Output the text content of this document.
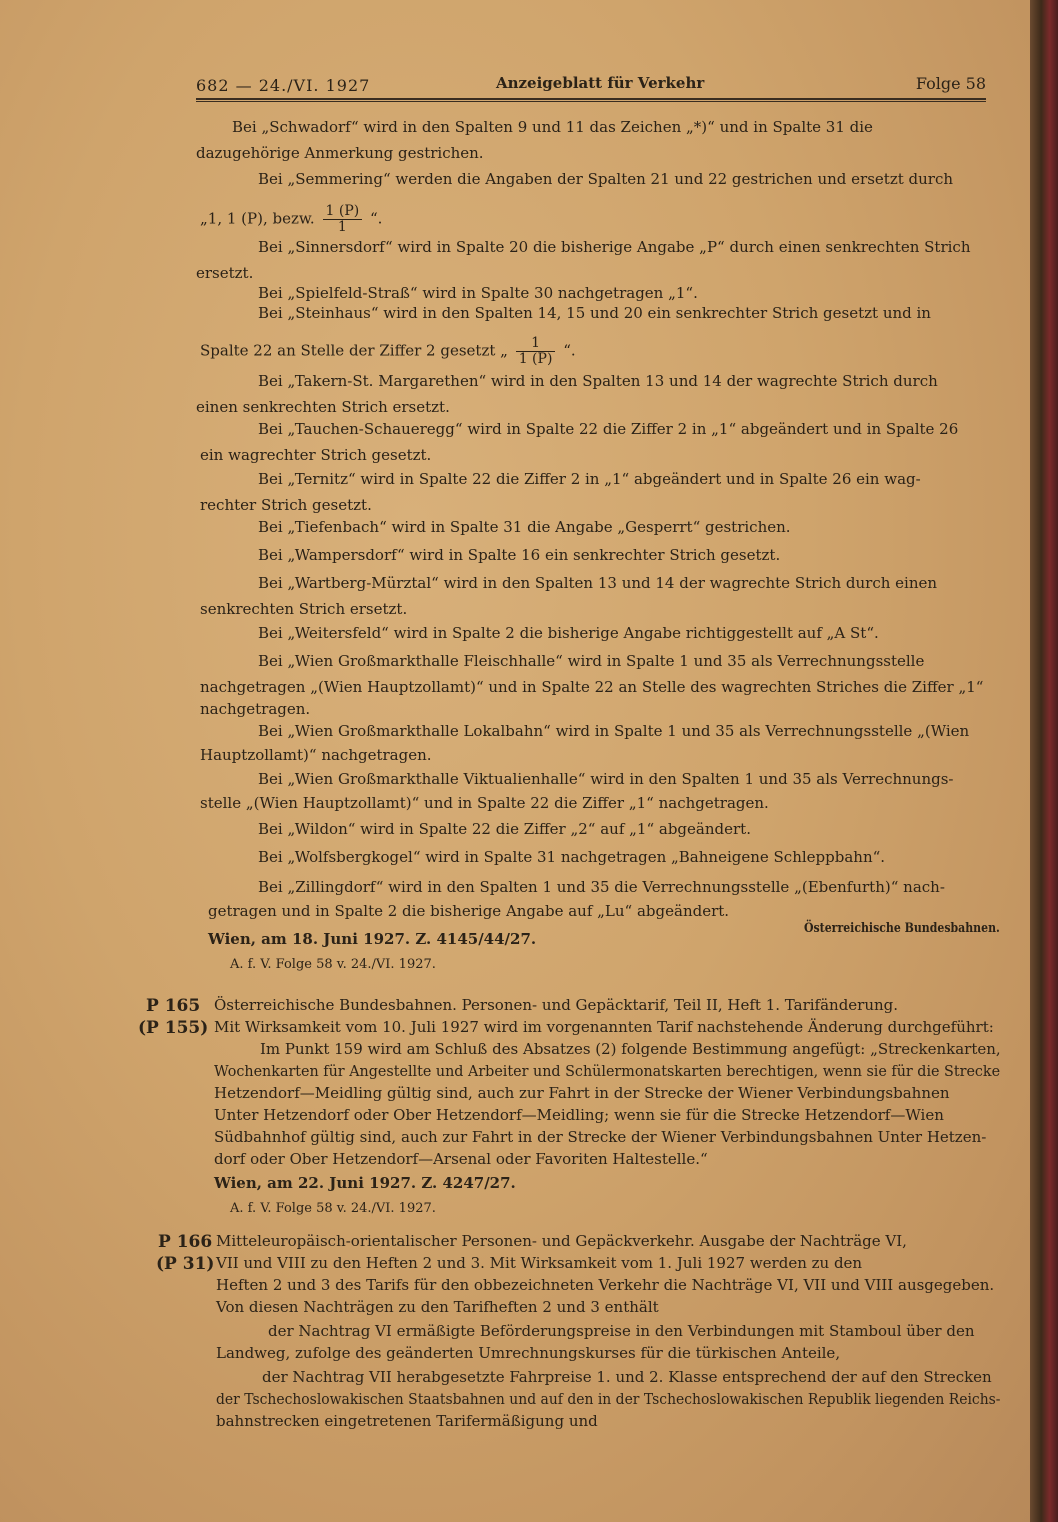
682 — 24./VI. 1927	Anzeigeblatt für Verkehr	Folge 58
Bei „Schwadorf“ wird in den Spalten 9 und 11 das Zeichen „*)“ und in Spalte 31 die
dazugehörige Anmerkung gestrichen.
Bei „Semmering“ werden die Angaben der Spalten 21 und 22 gestrichen und ersetzt durch
„1, 1 (P), bezw. $\frac{1 (P)}{1}$ “.
Bei „Sinnersdorf“ wird in Spalte 20 die bisherige Angabe „P“ durch einen senkrechten Strich
ersetzt.
Bei „Spielfeld-Straß“ wird in Spalte 30 nachgetragen „1“.
Bei „Steinhaus“ wird in den Spalten 14, 15 und 20 ein senkrechter Strich gesetzt und in
Spalte 22 an Stelle der Ziffer 2 gesetzt „ $\frac{1}{1 (P)}$ “.
Bei „Takern-St. Margarethen“ wird in den Spalten 13 und 14 der wagrechte Strich durch
einen senkrechten Strich ersetzt.
Bei „Tauchen-Schaueregg“ wird in Spalte 22 die Ziffer 2 in „1“ abgeändert und in Spalte 26
ein wagrechter Strich gesetzt.
Bei „Ternitz“ wird in Spalte 22 die Ziffer 2 in „1“ abgeändert und in Spalte 26 ein wag-
rechter Strich gesetzt.
Bei „Tiefenbach“ wird in Spalte 31 die Angabe „Gesperrt“ gestrichen.
Bei „Wampersdorf“ wird in Spalte 16 ein senkrechter Strich gesetzt.
Bei „Wartberg-Mürztal“ wird in den Spalten 13 und 14 der wagrechte Strich durch einen
senkrechten Strich ersetzt.
Bei „Weitersfeld“ wird in Spalte 2 die bisherige Angabe richtiggestellt auf „A St“.
Bei „Wien Großmarkthalle Fleischhalle“ wird in Spalte 1 und 35 als Verrechnungsstelle
nachgetragen „(Wien Hauptzollamt)“ und in Spalte 22 an Stelle des wagrechten Striches die Ziffer „1“
nachgetragen.
Bei „Wien Großmarkthalle Lokalbahn“ wird in Spalte 1 und 35 als Verrechnungsstelle „(Wien
Hauptzollamt)“ nachgetragen.
Bei „Wien Großmarkthalle Viktualienhalle“ wird in den Spalten 1 und 35 als Verrechnungs-
stelle „(Wien Hauptzollamt)“ und in Spalte 22 die Ziffer „1“ nachgetragen.
Bei „Wildon“ wird in Spalte 22 die Ziffer „2“ auf „1“ abgeändert.
Bei „Wolfsbergkogel“ wird in Spalte 31 nachgetragen „Bahneigene Schleppbahn“.
Bei „Zillingdorf“ wird in den Spalten 1 und 35 die Verrechnungsstelle „(Ebenfurth)“ nach-
getragen und in Spalte 2 die bisherige Angabe auf „Lu“ abgeändert.
Wien, am 18. Juni 1927. Z. 4145/44/27.
Österreichische Bundesbahnen.
A. f. V. Folge 58 v. 24./VI. 1927.
P 165
(P 155)
Österreichische Bundesbahnen. Personen- und Gepäcktarif, Teil II, Heft 1. Tarifänderung.
Mit Wirksamkeit vom 10. Juli 1927 wird im vorgenannten Tarif nachstehende Änderung durchgeführt:
Im Punkt 159 wird am Schluß des Absatzes (2) folgende Bestimmung angefügt: „Streckenkarten,
Wochenkarten für Angestellte und Arbeiter und Schülermonatskarten berechtigen, wenn sie für die Strecke
Hetzendorf—Meidling gültig sind, auch zur Fahrt in der Strecke der Wiener Verbindungsbahnen
Unter Hetzendorf oder Ober Hetzendorf—Meidling; wenn sie für die Strecke Hetzendorf—Wien
Südbahnhof gültig sind, auch zur Fahrt in der Strecke der Wiener Verbindungsbahnen Unter Hetzen-
dorf oder Ober Hetzendorf—Arsenal oder Favoriten Haltestelle.“
Wien, am 22. Juni 1927. Z. 4247/27.
A. f. V. Folge 58 v. 24./VI. 1927.
P 166
(P 31)
Mitteleuropäisch-orientalischer Personen- und Gepäckverkehr. Ausgabe der Nachträge VI,
VII und VIII zu den Heften 2 und 3. Mit Wirksamkeit vom 1. Juli 1927 werden zu den
Heften 2 und 3 des Tarifs für den obbezeichneten Verkehr die Nachträge VI, VII und VIII ausgegeben.
Von diesen Nachträgen zu den Tarifheften 2 und 3 enthält
der Nachtrag VI ermäßigte Beförderungspreise in den Verbindungen mit Stamboul über den
Landweg, zufolge des geänderten Umrechnungskurses für die türkischen Anteile,
der Nachtrag VII herabgesetzte Fahrpreise 1. und 2. Klasse entsprechend der auf den Strecken
der Tschechoslowakischen Staatsbahnen und auf den in der Tschechoslowakischen Republik liegenden Reichs-
bahnstrecken eingetretenen Tarifermäßigung und
